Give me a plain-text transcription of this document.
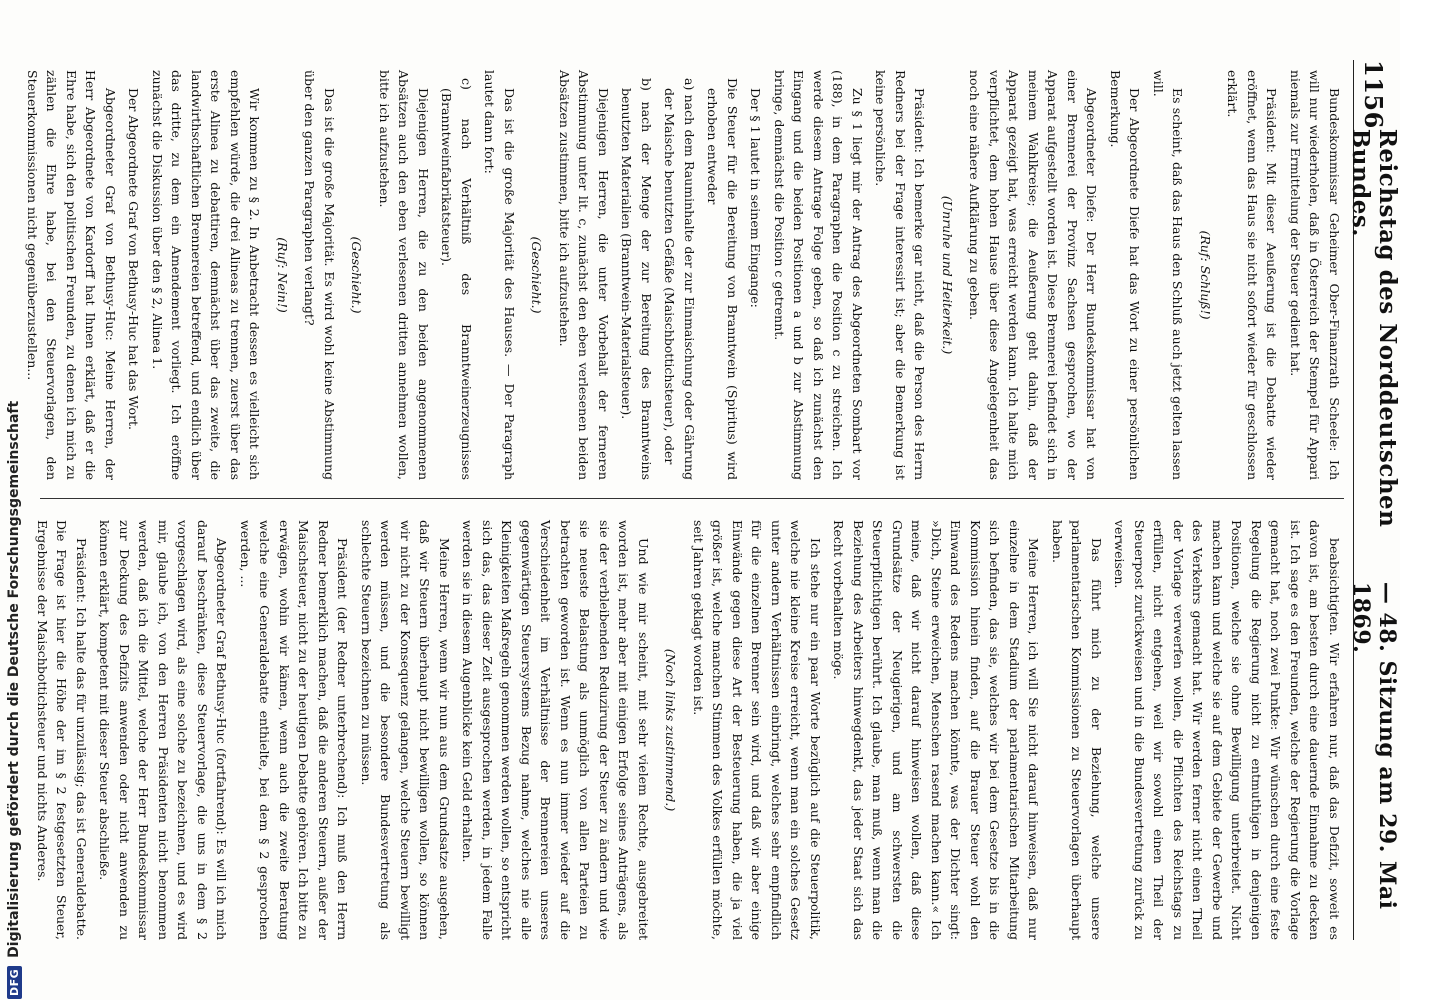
1156
Reichstag des Norddeutschen Bundes.
— 48. Sitzung am 29. Mai 1869.

Bundeskommissar Geheimer Ober-Finanzrath Scheele: Ich will nur wiederholen, daß in Österreich der Stempel für Appari niemals zur Ermittelung der Steuer gedient hat.

Präsident: Mit dieser Aeußerung ist die Debatte wieder eröffnet, wenn das Haus sie nicht sofort wieder für geschlossen erklärt.

(Ruf: Schluß!)

Es scheint, daß das Haus den Schluß auch jetzt gelten lassen will.

Der Abgeordnete Diefe hat das Wort zu einer persönlichen Bemerkung.

Abgeordneter Diefe: Der Herr Bundeskommissar hat von einer Brennerei der Provinz Sachsen gesprochen, wo der Apparat aufgestellt worden ist. Diese Brennerei befindet sich in meinem Wahlkreise; die Aeußerung geht dahin, daß der Apparat gezeigt hat, was erreicht werden kann. Ich halte mich verpflichtet, dem hohen Hause über diese Angelegenheit das noch eine nähere Aufklärung zu geben.

(Unruhe und Heiterkeit.)

Präsident: Ich bemerke gar nicht, daß die Person des Herrn Redners bei der Frage interessirt ist; aber die Bemerkung ist keine persönliche.

Zu § 1 liegt mir der Antrag des Abgeordneten Sombart vor (188), in dem Paragraphen die Position c zu streichen. Ich werde diesem Antrage Folge geben, so daß ich zunächst den Eingang und die beiden Positionen a und b zur Abstimmung bringe, demnächst die Position c getrennt.

Der § 1 lautet in seinem Eingange:

Die Steuer für die Bereitung von Branntwein (Spiritus) wird erhoben entweder

a) nach dem Rauminhalte der zur Einmaischung oder Gährung der Maische benutzten Gefäße (Maischbottichsteuer), oder

b) nach der Menge der zur Bereitung des Branntweins benutzten Materialien (Branntwein-Materialsteuer).

Diejenigen Herren, die unter Vorbehalt der ferneren Abstimmung unter lit. c, zunächst den eben verlesenen beiden Absätzen zustimmen, bitte ich aufzustehen.

(Geschieht.)

Das ist die große Majorität des Hauses. — Der Paragraph lautet dann fort:

c) nach Verhältniß des Branntweinerzeugnisses (Branntweinfabrikatsteuer).

Diejenigen Herren, die zu den beiden angenommenen Absätzen auch den eben verlesenen dritten annehmen wollen, bitte ich aufzustehen.

(Geschieht.)

Das ist die große Majorität. Es wird wohl keine Abstimmung über den ganzen Paragraphen verlangt?

(Ruf: Nein!)

Wir kommen zu § 2. In Anbetracht dessen es vielleicht sich empfehlen würde, die drei Alineas zu trennen, zuerst über das erste Alinea zu debattiren, demnächst über das zweite, die landwirthschaftlichen Brennereien betreffend, und endlich über das dritte, zu dem ein Amendement vorliegt. Ich eröffne zunächst die Diskussion über den § 2, Alinea 1.

Der Abgeordnete Graf von Bethusy-Huc hat das Wort.

Abgeordneter Graf von Bethusy-Huc: Meine Herren, der Herr Abgeordnete von Kardorff hat Ihnen erklärt, daß er die Ehre habe, sich den politischen Freunden, zu denen ich mich zu zählen die Ehre habe, bei den Steuervorlagen, den Steuerkommissionen nicht gegenüberzustellen...

beabsichtigten. Wir erfahren nur, daß das Defizit, soweit es davon ist, am besten durch eine dauernde Einnahme zu decken ist. Ich sage es den Freunden, welche der Regierung die Vorlage gemacht hat, noch zwei Punkte: Wir wünschen durch eine feste Regelung die Regierung nicht zu entmuthigen in denjenigen Positionen, welche sie ohne Bewilligung unterbreitet. Nicht machen kann und welche sie auf dem Gebiete der Gewerbe und des Verkehrs gemacht hat. Wir werden ferner nicht einen Theil der Vorlage verwerfen wollen, die Pflichten des Reichstags zu erfüllen, nicht entgehen, weil wir sowohl einen Theil der Steuerpost zurückweisen und in die Bundesvertretung zurück zu verweisen.

Das führt mich zu der Beziehung, welche unsere parlamentarischen Kommissionen zu Steuervorlagen überhaupt haben.

Meine Herren, ich will Sie nicht darauf hinweisen, daß nur einzelne in dem Stadium der parlamentarischen Mitarbeitung sich befinden, das sie, welches wir bei dem Gesetze bis in die Kommission hinein finden, auf die Brauer Steuer wohl den Einwand des Redens machen könnte, was der Dichter singt: »Dich, Steine erweichen, Menschen rasend machen kann.« Ich meine, daß wir nicht darauf hinweisen wollen, daß diese Grundsätze der Neugierigen, und am schwersten die Steuerpflichtigen berührt. Ich glaube, man muß, wenn man die Beziehung des Arbeiters hinwegdenkt, das jeder Staat sich das Recht vorbehalten möge.

Ich stehe nur ein paar Worte bezüglich auf die Steuerpolitik, welche nie kleine Kreise erreicht, wenn man ein solches Gesetz unter andern Verhältnissen einbringt, welches sehr empfindlich für die einzelnen Brenner sein wird, und daß wir aber einige Einwände gegen diese Art der Besteuerung haben, die ja viel größer ist, welche manchen Stimmen des Volkes erfüllen möchte, seit Jahren geklagt worden ist.

(Noch links zustimmend.)

Und wie mir scheint, mit sehr vielem Rechte, ausgebreitet worden ist, mehr aber mit einigen Erfolge seines Anträgens, als sie der verbleibenden Reduzirung der Steuer zu ändern und wie sie neueste Belastung als unmöglich von allen Parteien zu betrachten geworden ist. Wenn es nun immer wieder auf die Verschiedenheit im Verhältnisse der Brennereien unseres gegenwärtigen Steuersystems Bezug nahme, welches nie alle Kleinigkeiten Maßregeln genommen werden wollen, so entspricht sich das, das dieser Zeit ausgesprochen werden, in jedem Falle werden sie in diesem Augenblicke kein Geld erhalten.

Meine Herren, wenn wir nun aus dem Grundsatze ausgehen, daß wir Steuern überhaupt nicht bewilligen wollen, so können wir nicht zu der Konsequenz gelangen, welche Steuern bewilligt werden müssen, und die besondere Bundesvertretung als schlechte Steuern bezeichnen zu müssen.

Präsident (der Redner unterbrechend): Ich muß den Herrn Redner bemerklich machen, daß die anderen Steuern, außer der Maischsteuer, nicht zu der heutigen Debatte gehören. Ich bitte zu erwägen, wohin wir kämen, wenn auch die zweite Beratung welche eine Generaldebatte enthielte, bei dem § 2 gesprochen werden, ...

Abgeordneter Graf Bethusy-Huc (fortfahrend): Es will ich mich darauf beschränken, diese Steuervorlage, die uns in dem § 2 vorgeschlagen wird, als eine solche zu bezeichnen, und es wird mir, glaube ich, von den Herren Präsidenten nicht benommen werden, daß ich die Mittel, welche der Herr Bundeskommissar zur Deckung des Defizits anwenden oder nicht anwenden zu können erklärt, kompetent mit dieser Steuer abschließe.

Präsident: Ich halte das für unzulässig; das ist Generaldebatte. Die Frage ist hier die Höhe der im § 2 festgesetzten Steuer, Ergebnisse der Maischbottichsteuer und nichts Anderes.

DFG
Digitalisierung gefördert durch die Deutsche Forschungsgemeinschaft
